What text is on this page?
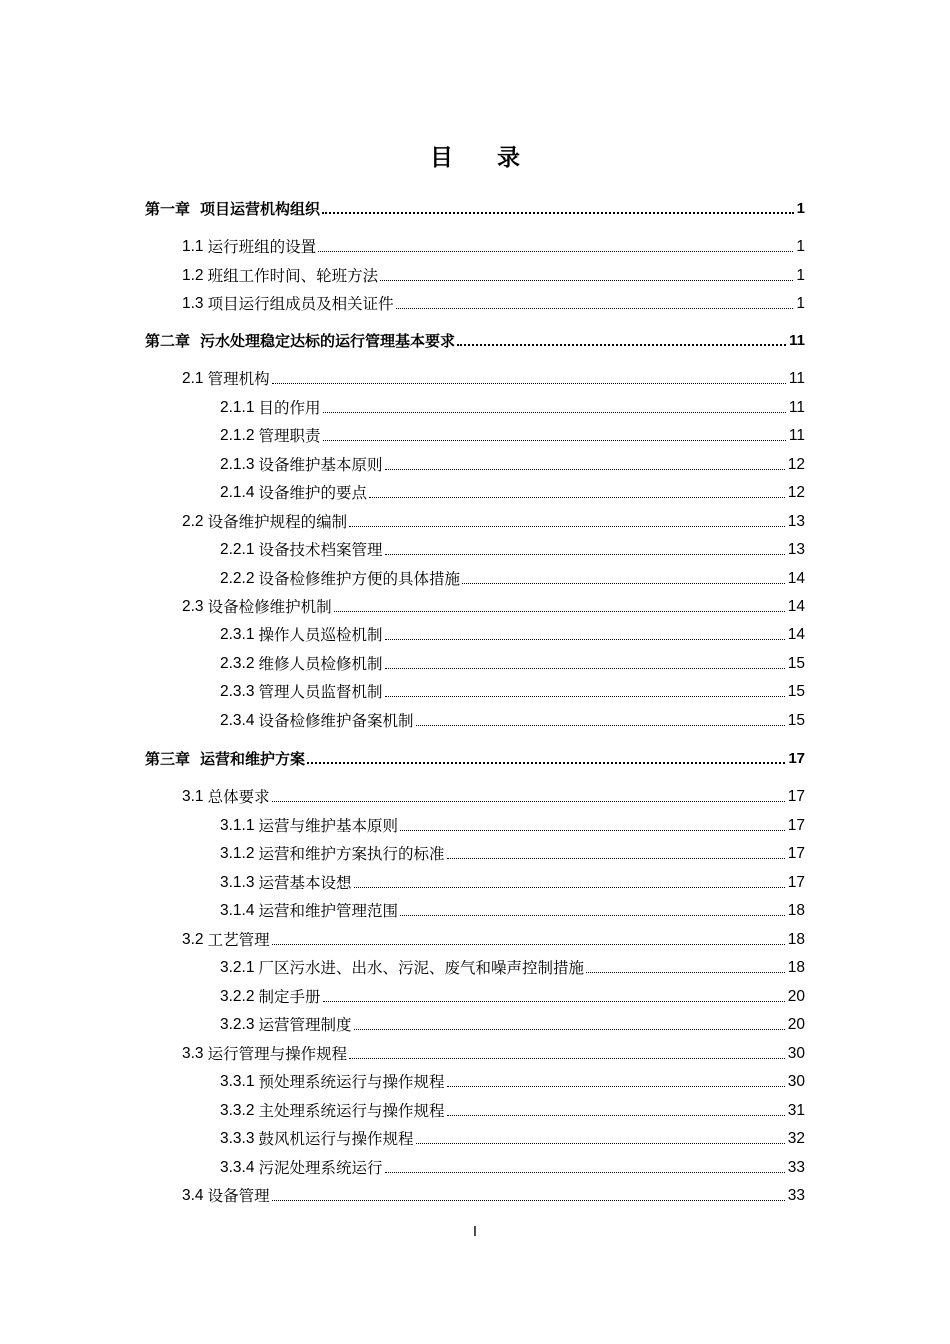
目 录
第一章 项目运营机构组织	1
1.1 运行班组的设置	1
1.2 班组工作时间、轮班方法	1
1.3 项目运行组成员及相关证件	1
第二章 污水处理稳定达标的运行管理基本要求	11
2.1 管理机构	11
2.1.1 目的作用	11
2.1.2 管理职责	11
2.1.3 设备维护基本原则	12
2.1.4 设备维护的要点	12
2.2 设备维护规程的编制	13
2.2.1 设备技术档案管理	13
2.2.2 设备检修维护方便的具体措施	14
2.3 设备检修维护机制	14
2.3.1 操作人员巡检机制	14
2.3.2 维修人员检修机制	15
2.3.3 管理人员监督机制	15
2.3.4 设备检修维护备案机制	15
第三章 运营和维护方案	17
3.1 总体要求	17
3.1.1 运营与维护基本原则	17
3.1.2 运营和维护方案执行的标准	17
3.1.3 运营基本设想	17
3.1.4 运营和维护管理范围	18
3.2 工艺管理	18
3.2.1 厂区污水进、出水、污泥、废气和噪声控制措施	18
3.2.2 制定手册	20
3.2.3 运营管理制度	20
3.3 运行管理与操作规程	30
3.3.1 预处理系统运行与操作规程	30
3.3.2 主处理系统运行与操作规程	31
3.3.3 鼓风机运行与操作规程	32
3.3.4 污泥处理系统运行	33
3.4 设备管理	33
I
